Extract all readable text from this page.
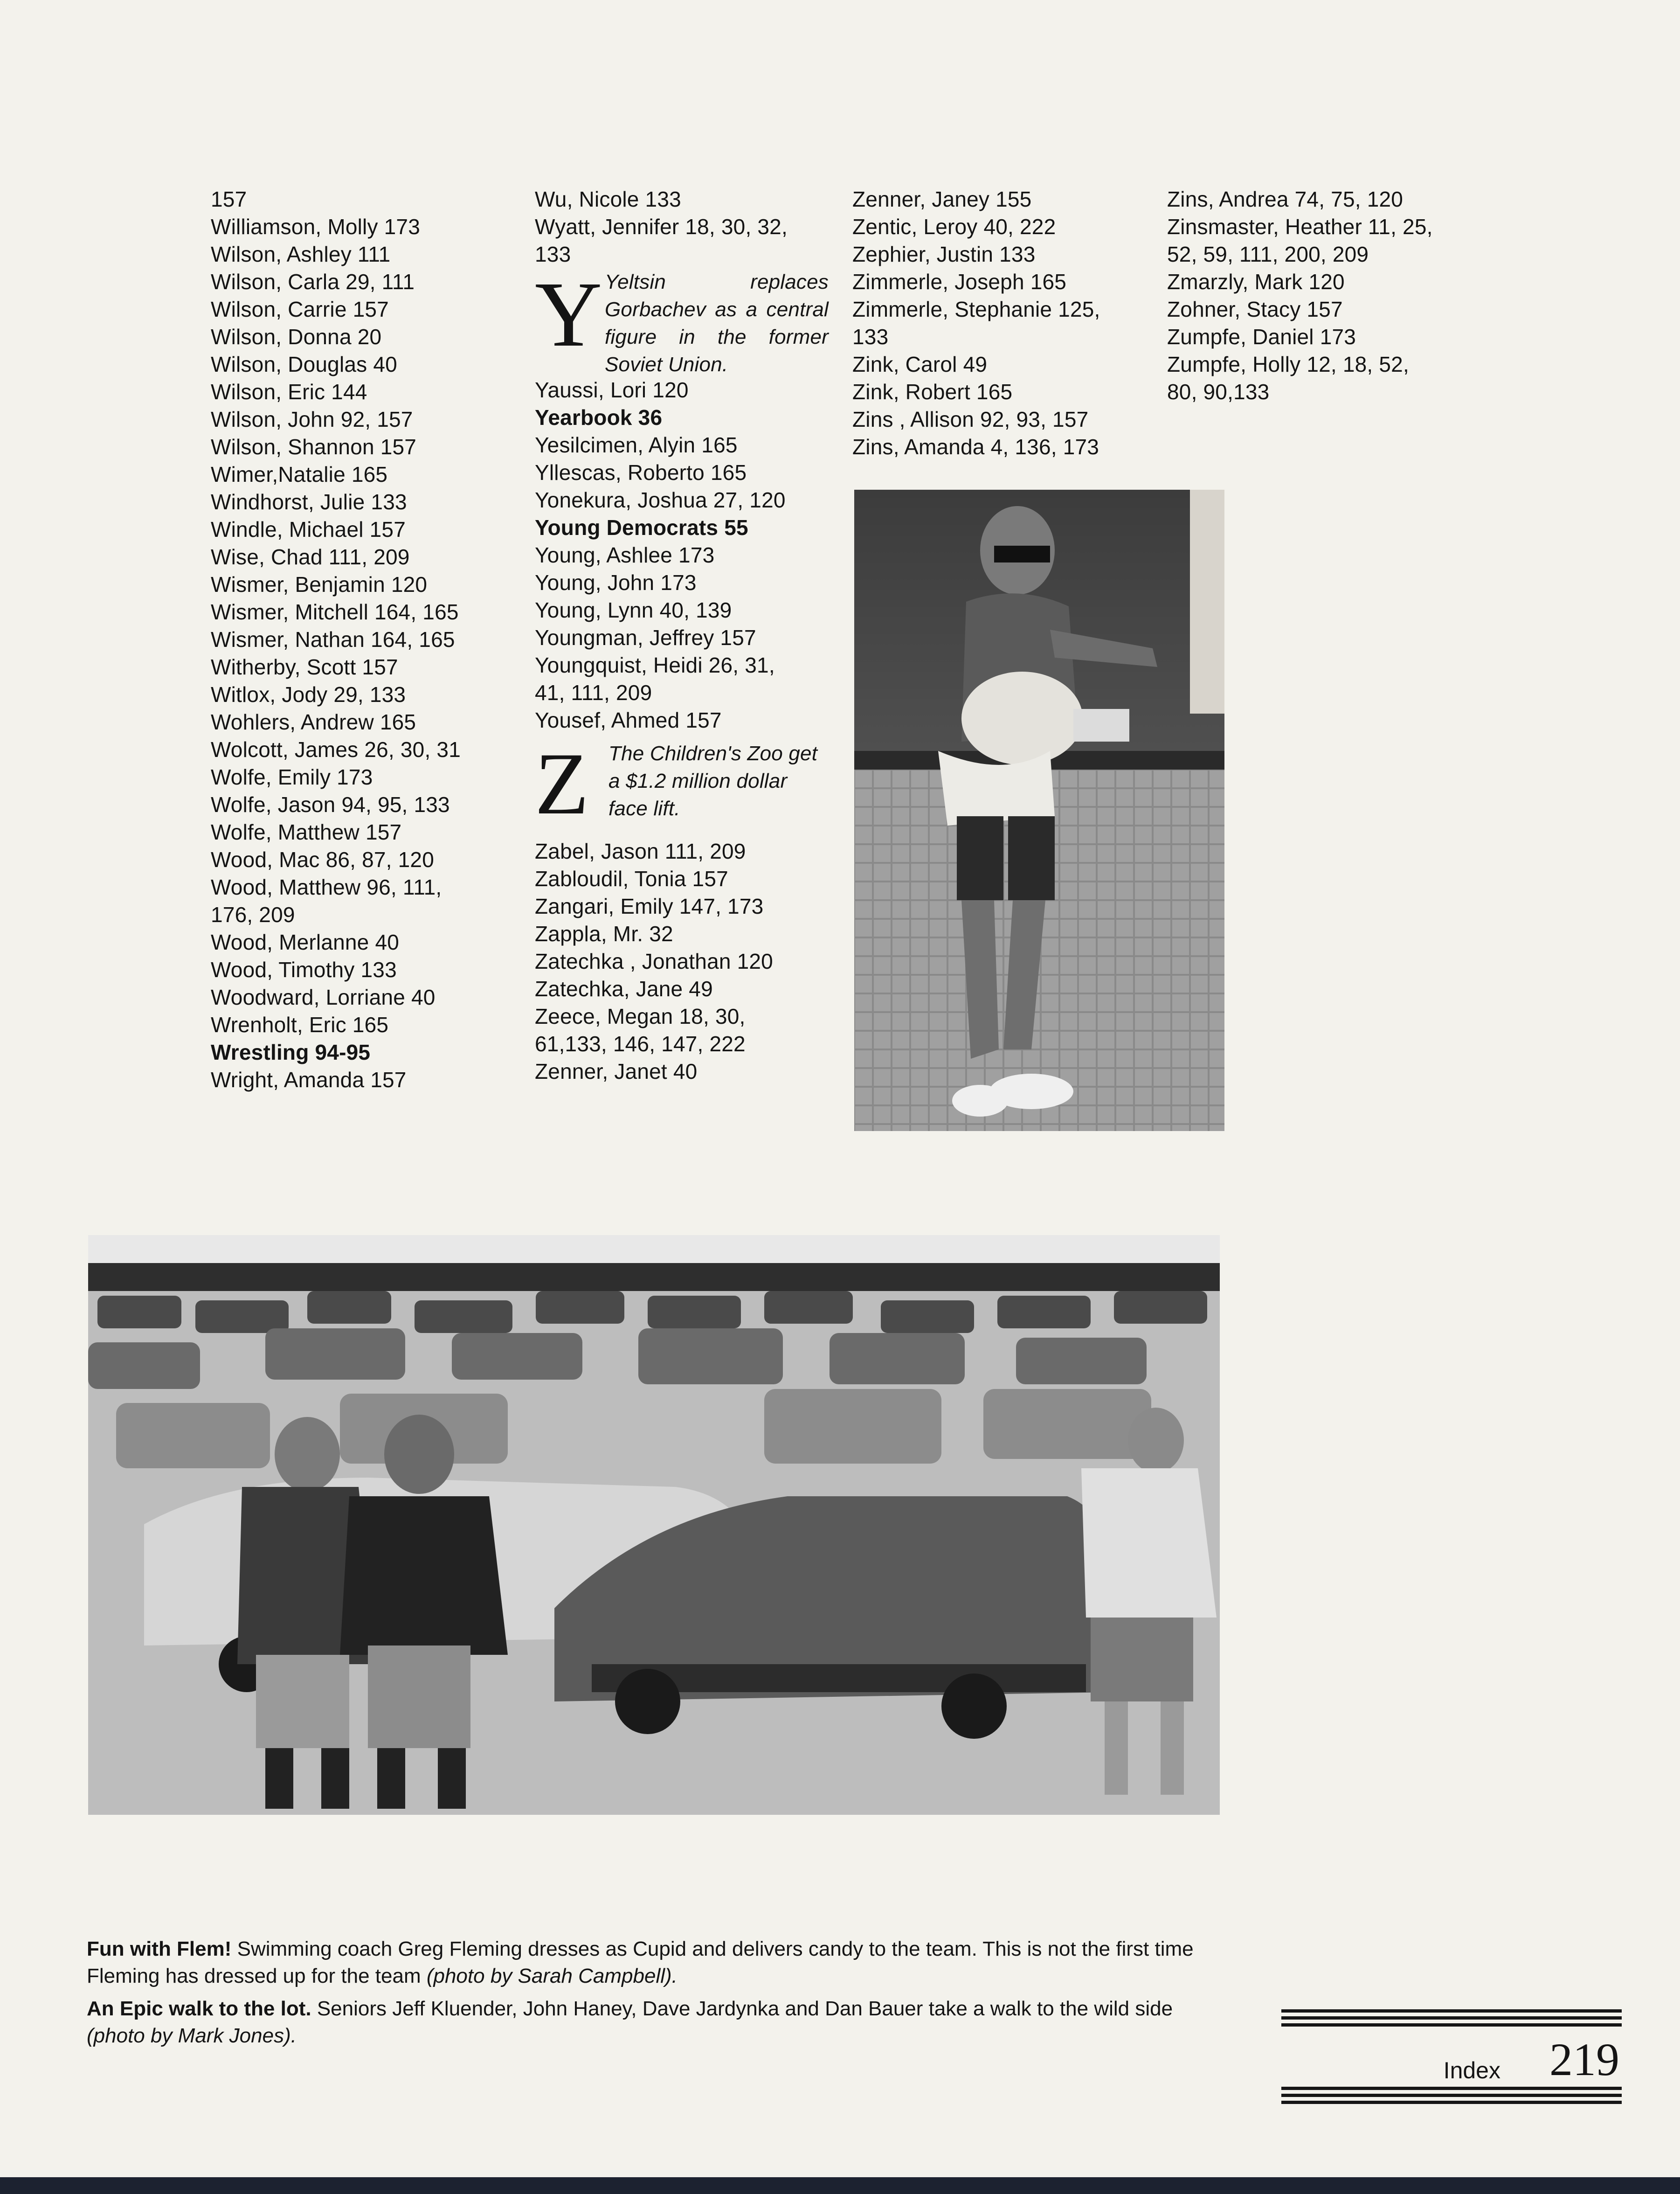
157
Williamson, Molly 173
Wilson, Ashley 111
Wilson, Carla 29, 111
Wilson, Carrie 157
Wilson, Donna 20
Wilson, Douglas 40
Wilson, Eric 144
Wilson, John 92, 157
Wilson, Shannon 157
Wimer,Natalie 165
Windhorst, Julie 133
Windle, Michael 157
Wise, Chad 111, 209
Wismer, Benjamin 120
Wismer, Mitchell 164, 165
Wismer, Nathan 164, 165
Witherby, Scott 157
Witlox, Jody 29, 133
Wohlers, Andrew 165
Wolcott, James 26, 30, 31
Wolfe, Emily 173
Wolfe, Jason 94, 95, 133
Wolfe, Matthew 157
Wood, Mac 86, 87, 120
Wood, Matthew 96, 111,
176, 209
Wood, Merlanne 40
Wood, Timothy 133
Woodward, Lorriane 40
Wrenholt, Eric 165
Wrestling 94-95
Wright, Amanda 157
Wu, Nicole 133
Wyatt, Jennifer 18, 30, 32,
133
Y Yeltsin replaces Gorbachev as a central figure in the former Soviet Union.
Yaussi, Lori 120
Yearbook 36
Yesilcimen, Alyin 165
Yllescas, Roberto 165
Yonekura, Joshua 27, 120
Young Democrats 55
Young, Ashlee 173
Young, John 173
Young, Lynn 40, 139
Youngman, Jeffrey 157
Youngquist, Heidi 26, 31,
41, 111, 209
Yousef, Ahmed 157
Z The Children's Zoo get a $1.2 million dollar face lift.
Zabel, Jason 111, 209
Zabloudil, Tonia 157
Zangari, Emily 147, 173
Zappla, Mr. 32
Zatechka , Jonathan 120
Zatechka, Jane 49
Zeece, Megan 18, 30,
61,133, 146, 147, 222
Zenner, Janet 40
Zenner, Janey 155
Zentic, Leroy 40, 222
Zephier, Justin 133
Zimmerle, Joseph 165
Zimmerle, Stephanie 125,
133
Zink, Carol 49
Zink, Robert 165
Zins , Allison 92, 93, 157
Zins, Amanda 4, 136, 173
Zins, Andrea 74, 75, 120
Zinsmaster, Heather 11, 25,
52, 59, 111, 200, 209
Zmarzly, Mark 120
Zohner, Stacy 157
Zumpfe, Daniel 173
Zumpfe, Holly 12, 18, 52,
80, 90,133

Fun with Flem! Swimming coach Greg Fleming dresses as Cupid and delivers candy to the team. This is not the first time Fleming has dressed up for the team (photo by Sarah Campbell).

An Epic walk to the lot. Seniors Jeff Kluender, John Haney, Dave Jardynka and Dan Bauer take a walk to the wild side (photo by Mark Jones).

Index 219
